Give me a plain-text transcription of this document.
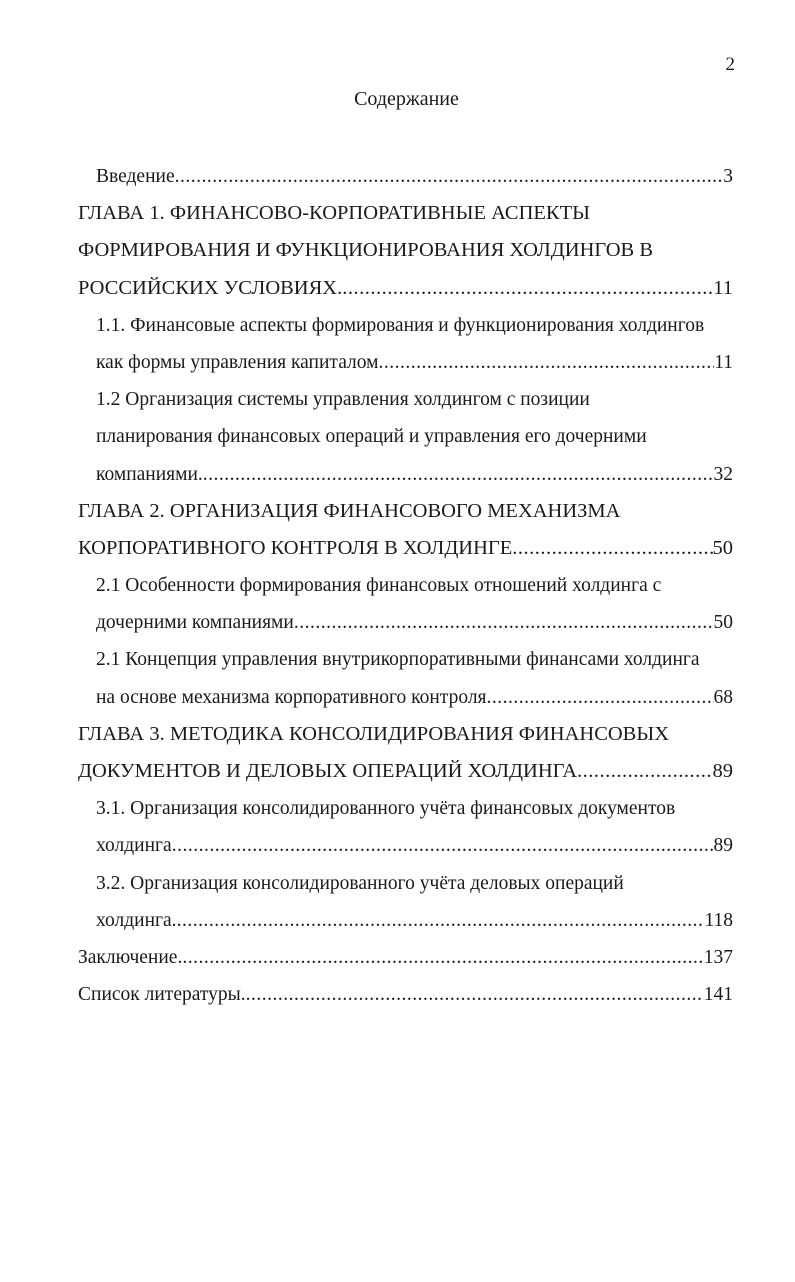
2
Содержание
Введение .....	3
ГЛАВА 1. ФИНАНСОВО-КОРПОРАТИВНЫЕ АСПЕКТЫ
ФОРМИРОВАНИЯ И ФУНКЦИОНИРОВАНИЯ ХОЛДИНГОВ В
РОССИЙСКИХ УСЛОВИЯХ. .....	11
1.1. Финансовые аспекты формирования и функционирования холдингов
как формы управления капиталом .....	11
1.2 Организация системы управления холдингом с позиции
планирования финансовых операций и управления его дочерними
компаниями. .....	32
ГЛАВА 2. ОРГАНИЗАЦИЯ ФИНАНСОВОГО МЕХАНИЗМА
КОРПОРАТИВНОГО КОНТРОЛЯ В ХОЛДИНГЕ .....	50
2.1 Особенности формирования финансовых отношений холдинга с
дочерними компаниями .....	50
2.1 Концепция управления внутрикорпоративными финансами холдинга
на основе механизма корпоративного контроля .....	68
ГЛАВА 3. МЕТОДИКА КОНСОЛИДИРОВАНИЯ ФИНАНСОВЫХ
ДОКУМЕНТОВ И ДЕЛОВЫХ ОПЕРАЦИЙ ХОЛДИНГА .....	89
3.1. Организация консолидированного учёта финансовых документов
холдинга .....	89
3.2. Организация консолидированного учёта деловых операций
холдинга. .....	118
Заключение. .....	137
Список литературы. .....	141
